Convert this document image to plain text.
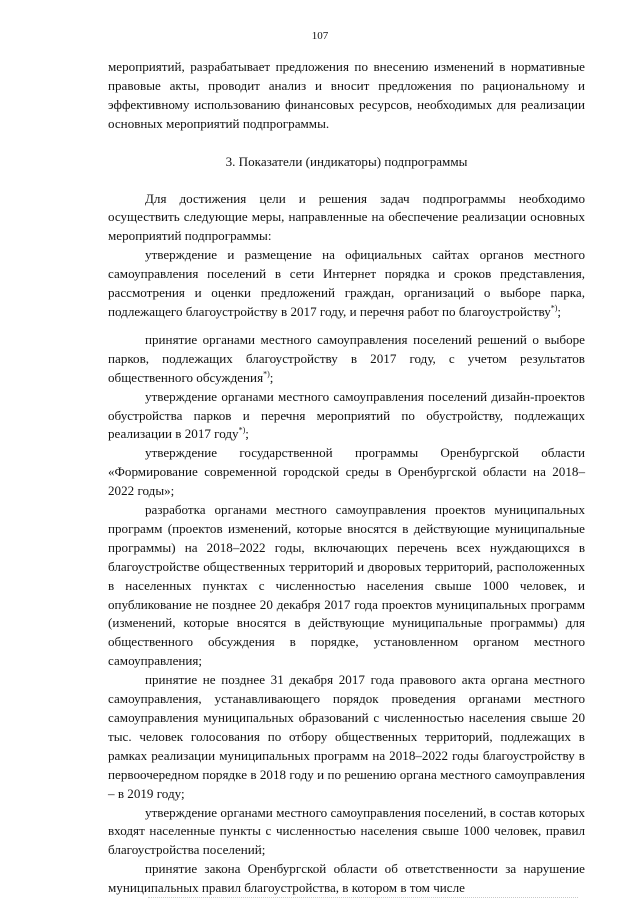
107

мероприятий, разрабатывает предложения по внесению изменений в нормативные правовые акты, проводит анализ и вносит предложения по рациональному и эффективному использованию финансовых ресурсов, необходимых для реализации основных мероприятий подпрограммы.

3. Показатели (индикаторы) подпрограммы

Для достижения цели и решения задач подпрограммы необходимо осуществить следующие меры, направленные на обеспечение реализации основных мероприятий подпрограммы:

утверждение и размещение на официальных сайтах органов местного самоуправления поселений в сети Интернет порядка и сроков представления, рассмотрения и оценки предложений граждан, организаций о выборе парка, подлежащего благоустройству в 2017 году, и перечня работ по благоустройству*);

принятие органами местного самоуправления поселений решений о выборе парков, подлежащих благоустройству в 2017 году, с учетом результатов общественного обсуждения*);

утверждение органами местного самоуправления поселений дизайн-проектов обустройства парков и перечня мероприятий по обустройству, подлежащих реализации в 2017 году*);

утверждение государственной программы Оренбургской области «Формирование современной городской среды в Оренбургской области на 2018–2022 годы»;

разработка органами местного самоуправления проектов муниципальных программ (проектов изменений, которые вносятся в действующие муниципальные программы) на 2018–2022 годы, включающих перечень всех нуждающихся в благоустройстве общественных территорий и дворовых территорий, расположенных в населенных пунктах с численностью населения свыше 1000 человек, и опубликование не позднее 20 декабря 2017 года проектов муниципальных программ (изменений, которые вносятся в действующие муниципальные программы) для общественного обсуждения в порядке, установленном органом местного самоуправления;

принятие не позднее 31 декабря 2017 года правового акта органа местного самоуправления, устанавливающего порядок проведения органами местного самоуправления муниципальных образований с численностью населения свыше 20 тыс. человек голосования по отбору общественных территорий, подлежащих в рамках реализации муниципальных программ на 2018–2022 годы благоустройству в первоочередном порядке в 2018 году и по решению органа местного самоуправления – в 2019 году;

утверждение органами местного самоуправления поселений, в состав которых входят населенные пункты с численностью населения свыше 1000 человек, правил благоустройства поселений;

принятие закона Оренбургской области об ответственности за нарушение муниципальных правил благоустройства, в котором в том числе
